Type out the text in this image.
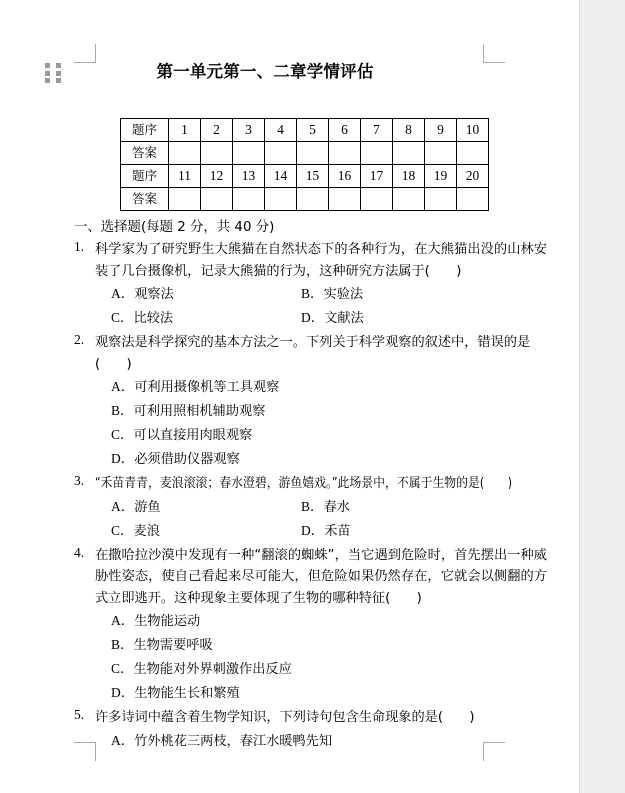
第一单元第一、二章学情评估
题序	1	2	3	4	5	6	7	8	9	10
答案										
题序	11	12	13	14	15	16	17	18	19	20
答案										
一、选择题(每题 2 分，共 40 分)
1. 科学家为了研究野生大熊猫在自然状态下的各种行为，在大熊猫出没的山林安装了几台摄像机，记录大熊猫的行为，这种研究方法属于(　　)

A．观察法	B．实验法
C．比较法	D．文献法
2. 观察法是科学探究的基本方法之一。下列关于科学观察的叙述中，错误的是

(　　)

A．可利用摄像机等工具观察
B．可利用照相机辅助观察
C．可以直接用肉眼观察
D．必须借助仪器观察
3. “禾苗青青，麦浪滚滚；春水澄碧，游鱼嬉戏。”此场景中，不属于生物的是(　　)

A．游鱼	B．春水
C．麦浪	D．禾苗
4. 在撒哈拉沙漠中发现有一种“翻滚的蜘蛛”，当它遇到危险时，首先摆出一种威胁性姿态，使自己看起来尽可能大，但危险如果仍然存在，它就会以侧翻的方式立即逃开。这种现象主要体现了生物的哪种特征(　　)

A．生物能运动
B．生物需要呼吸
C．生物能对外界刺激作出反应
D．生物能生长和繁殖
5. 许多诗词中蕴含着生物学知识，下列诗句包含生命现象的是(　　)

A．竹外桃花三两枝，春江水暖鸭先知
